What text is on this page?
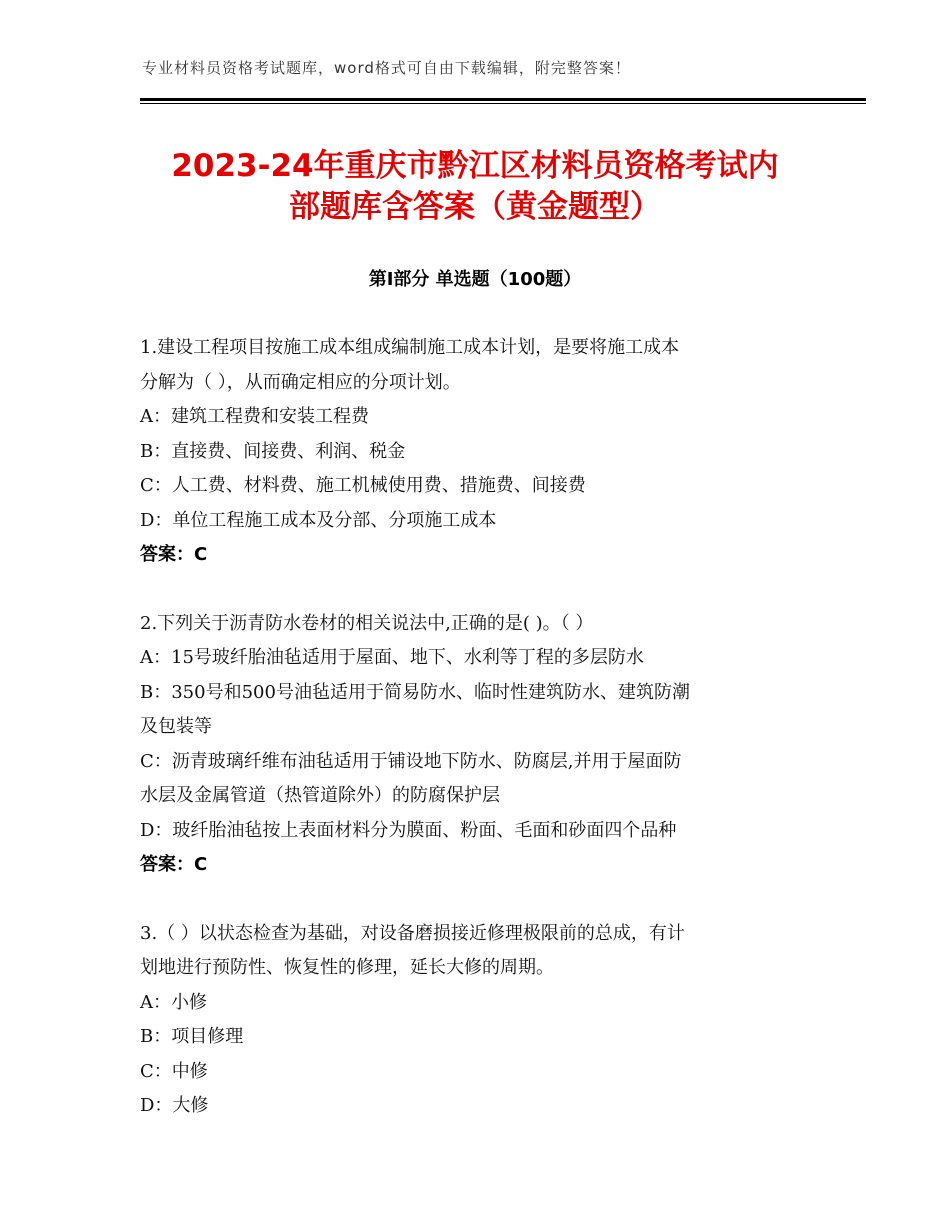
专业材料员资格考试题库，word格式可自由下载编辑，附完整答案！
2023-24年重庆市黔江区材料员资格考试内
部题库含答案（黄金题型）
第Ⅰ部分 单选题（100题）
1.建设工程项目按施工成本组成编制施工成本计划，是要将施工成本
分解为（ ），从而确定相应的分项计划。
A：建筑工程费和安装工程费
B：直接费、间接费、利润、税金
C：人工费、材料费、施工机械使用费、措施费、间接费
D：单位工程施工成本及分部、分项施工成本
答案：C
2.下列关于沥青防水卷材的相关说法中,正确的是( )。（ ）
A：15号玻纤胎油毡适用于屋面、地下、水利等丁程的多层防水
B：350号和500号油毡适用于简易防水、临时性建筑防水、建筑防潮
及包装等
C：沥青玻璃纤维布油毡适用于铺设地下防水、防腐层,并用于屋面防
水层及金属管道（热管道除外）的防腐保护层
D：玻纤胎油毡按上表面材料分为膜面、粉面、毛面和砂面四个品种
答案：C
3.（ ）以状态检查为基础，对设备磨损接近修理极限前的总成，有计
划地进行预防性、恢复性的修理，延长大修的周期。
A：小修
B：项目修理
C：中修
D：大修
